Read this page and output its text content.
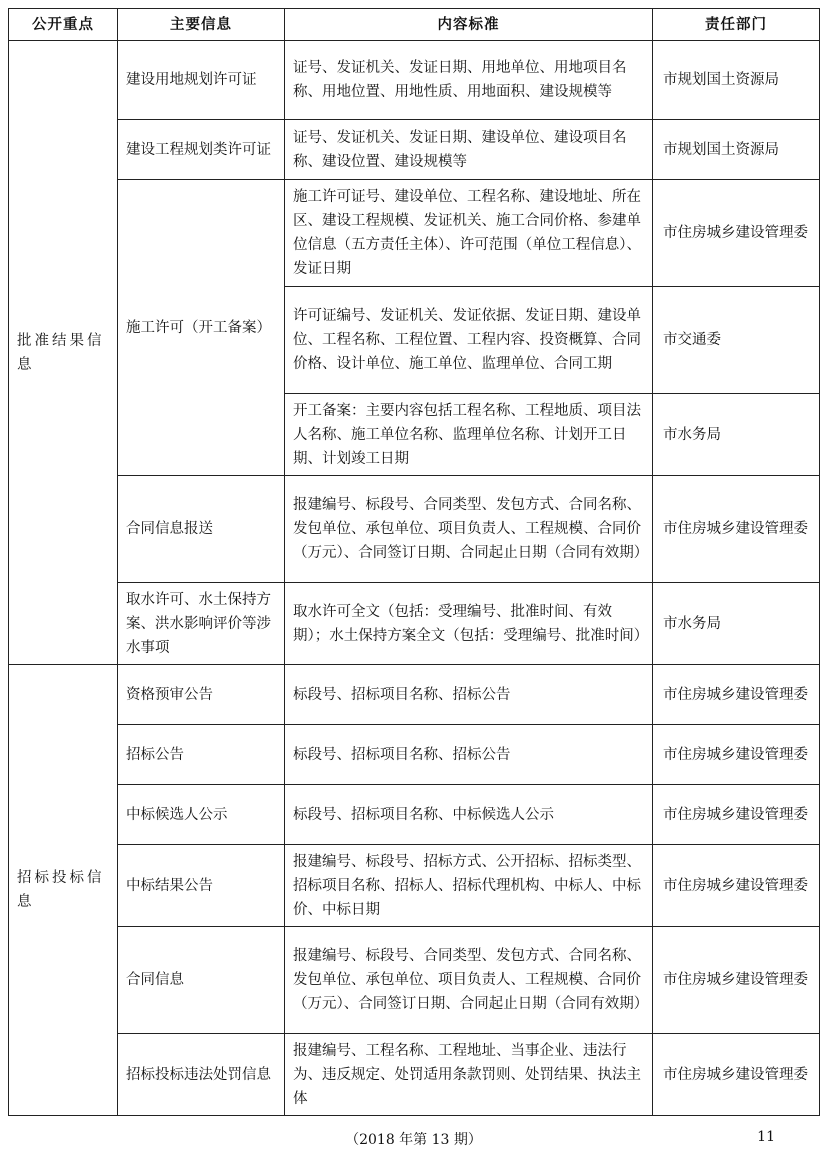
公开重点	主要信息	内容标准	责任部门
批准结果信息	建设用地规划许可证	证号、发证机关、发证日期、用地单位、用地项目名称、用地位置、用地性质、用地面积、建设规模等	市规划国土资源局
	建设工程规划类许可证	证号、发证机关、发证日期、建设单位、建设项目名称、建设位置、建设规模等	市规划国土资源局
	施工许可（开工备案）	施工许可证号、建设单位、工程名称、建设地址、所在区、建设工程规模、发证机关、施工合同价格、参建单位信息（五方责任主体）、许可范围（单位工程信息）、发证日期	市住房城乡建设管理委
		许可证编号、发证机关、发证依据、发证日期、建设单位、工程名称、工程位置、工程内容、投资概算、合同价格、设计单位、施工单位、监理单位、合同工期	市交通委
		开工备案：主要内容包括工程名称、工程地质、项目法人名称、施工单位名称、监理单位名称、计划开工日期、计划竣工日期	市水务局
	合同信息报送	报建编号、标段号、合同类型、发包方式、合同名称、发包单位、承包单位、项目负责人、工程规模、合同价（万元）、合同签订日期、合同起止日期（合同有效期）	市住房城乡建设管理委
	取水许可、水土保持方案、洪水影响评价等涉水事项	取水许可全文（包括：受理编号、批准时间、有效期）；水土保持方案全文（包括：受理编号、批准时间）	市水务局
招标投标信息	资格预审公告	标段号、招标项目名称、招标公告	市住房城乡建设管理委
	招标公告	标段号、招标项目名称、招标公告	市住房城乡建设管理委
	中标候选人公示	标段号、招标项目名称、中标候选人公示	市住房城乡建设管理委
	中标结果公告	报建编号、标段号、招标方式、公开招标、招标类型、招标项目名称、招标人、招标代理机构、中标人、中标价、中标日期	市住房城乡建设管理委
	合同信息	报建编号、标段号、合同类型、发包方式、合同名称、发包单位、承包单位、项目负责人、工程规模、合同价（万元）、合同签订日期、合同起止日期（合同有效期）	市住房城乡建设管理委
	招标投标违法处罚信息	报建编号、工程名称、工程地址、当事企业、违法行为、违反规定、处罚适用条款罚则、处罚结果、执法主体	市住房城乡建设管理委
（2018 年第 13 期）	11
